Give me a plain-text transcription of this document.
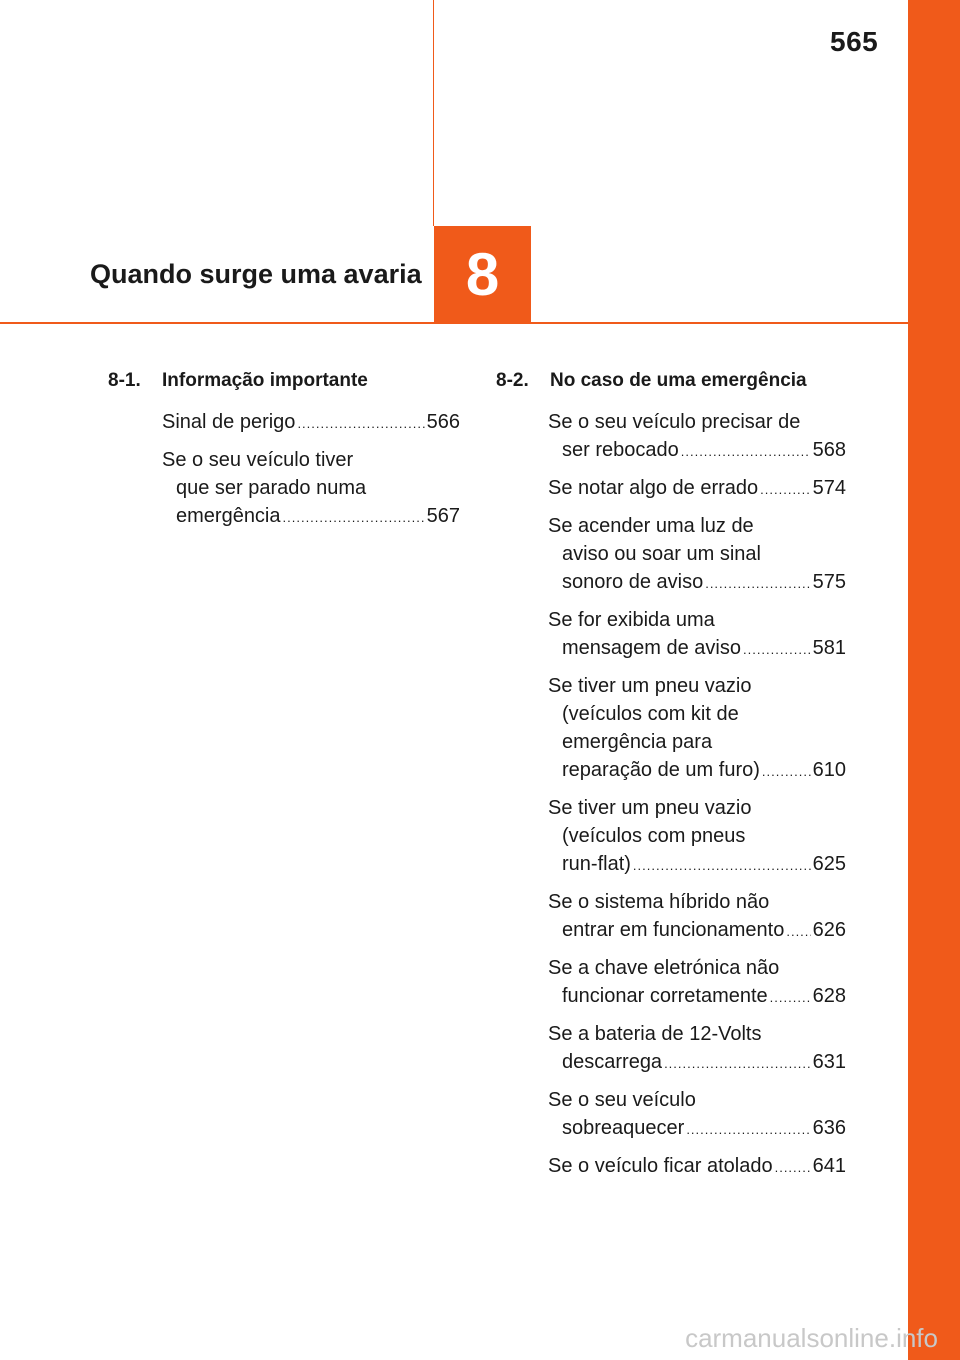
565
Quando surge uma avaria 8
8-1.	Informação importante
Sinal de perigo .....	566
Se o seu veículo tiver
que ser parado numa
emergência .....	567
8-2.	No caso de uma emergência
Se o seu veículo precisar de
ser rebocado .....	568
Se notar algo de errado .....	574
Se acender uma luz de
aviso ou soar um sinal
sonoro de aviso .....	575
Se for exibida uma
mensagem de aviso .....	581
Se tiver um pneu vazio
(veículos com kit de
emergência para
reparação de um furo) .....	610
Se tiver um pneu vazio
(veículos com pneus
run-flat) .....	625
Se o sistema híbrido não
entrar em funcionamento ..... 626
Se a chave eletrónica não
funcionar corretamente ..... 628
Se a bateria de 12-Volts
descarrega .....	631
Se o seu veículo
sobreaquecer .....	636
Se o veículo ficar atolado ..... 641
carmanualsonline.info
